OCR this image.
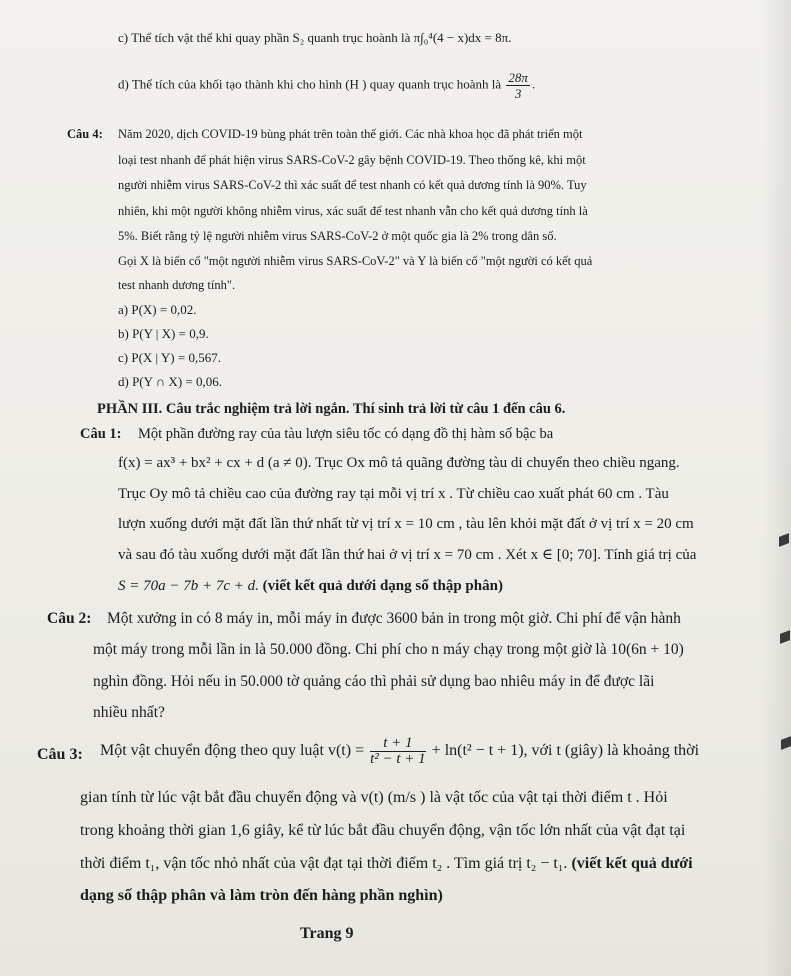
c) Thể tích vật thể khi quay phần S₂ quanh trục hoành là π∫₀⁴(4 − x)dx = 8π.
d) Thể tích của khối tạo thành khi cho hình (H ) quay quanh trục hoành là $\frac{28\pi}{3}$ .
Câu 4: Năm 2020, dịch COVID-19 bùng phát trên toàn thế giới. Các nhà khoa học đã phát triển một
loại test nhanh để phát hiện virus SARS-CoV-2 gây bệnh COVID-19. Theo thống kê, khi một
người nhiễm virus SARS-CoV-2 thì xác suất để test nhanh có kết quả dương tính là 90%. Tuy
nhiên, khi một người không nhiễm virus, xác suất để test nhanh vẫn cho kết quả dương tính là
5%. Biết rằng tỷ lệ người nhiễm virus SARS-CoV-2 ở một quốc gia là 2% trong dân số.
Gọi X là biến cố "một người nhiễm virus SARS-CoV-2" và Y là biến cố "một người có kết quả
test nhanh dương tính".
a) P(X) = 0,02.
b) P(Y | X) = 0,9.
c) P(X | Y) = 0,567.
d) P(Y ∩ X) = 0,06.
PHẦN III. Câu trắc nghiệm trả lời ngắn. Thí sinh trả lời từ câu 1 đến câu 6.
Câu 1: Một phần đường ray của tàu lượn siêu tốc có dạng đồ thị hàm số bậc ba
f(x) = ax³ + bx² + cx + d (a ≠ 0). Trục Ox mô tả quãng đường tàu di chuyển theo chiều ngang.
Trục Oy mô tả chiều cao của đường ray tại mỗi vị trí x . Từ chiều cao xuất phát 60 cm . Tàu
lượn xuống dưới mặt đất lần thứ nhất từ vị trí x = 10 cm , tàu lên khỏi mặt đất ở vị trí x = 20 cm
và sau đó tàu xuống dưới mặt đất lần thứ hai ở vị trí x = 70 cm . Xét x ∈ [0; 70]. Tính giá trị của
S = 70a − 7b + 7c + d. (viết kết quả dưới dạng số thập phân)
Câu 2: Một xưởng in có 8 máy in, mỗi máy in được 3600 bản in trong một giờ. Chi phí để vận hành
một máy trong mỗi lần in là 50.000 đồng. Chi phí cho n máy chạy trong một giờ là 10(6n + 10)
nghìn đồng. Hỏi nếu in 50.000 tờ quảng cáo thì phải sử dụng bao nhiêu máy in để được lãi
nhiều nhất?
Câu 3: Một vật chuyển động theo quy luật $v(t) = \frac{t + 1}{\text{t² − t + 1}} + \ln(t^2 - t + 1)$, với t (giây) là khoảng thời
gian tính từ lúc vật bắt đầu chuyển động và v(t) (m/s ) là vật tốc của vật tại thời điểm t . Hỏi
trong khoảng thời gian 1,6 giây, kể từ lúc bắt đầu chuyển động, vận tốc lớn nhất của vật đạt tại
thời điểm t₁, vận tốc nhỏ nhất của vật đạt tại thời điểm t₂ . Tìm giá trị t₂ − t₁. (viết kết quả dưới
dạng số thập phân và làm tròn đến hàng phần nghìn)
Trang 9
